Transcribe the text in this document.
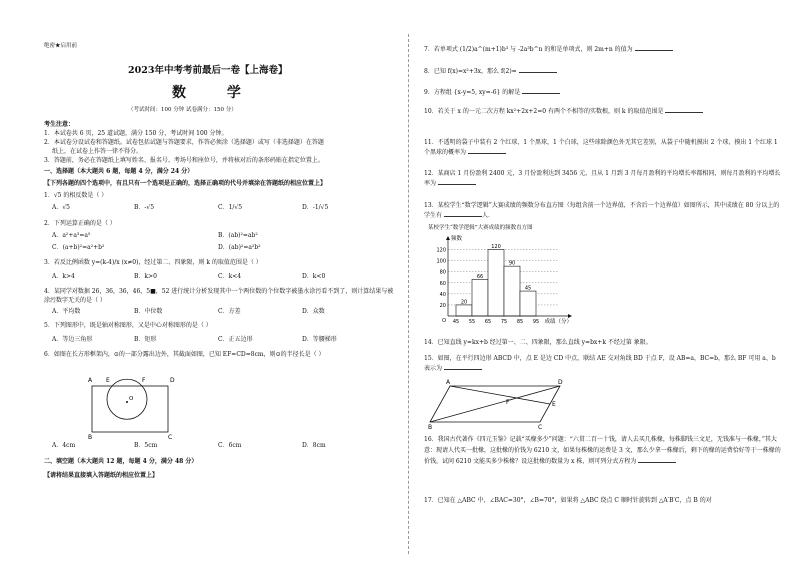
绝密★启用前
2023年中考考前最后一卷【上海卷】
数 学
（考试时间：100 分钟 试卷满分：150 分）
考生注意：
1．本试卷共 6 页，25 道试题，满分 150 分，考试时间 100 分钟。
2．本试卷分设试卷和答题纸。试卷包括试题与答题要求，作答必须涂（选择题）或写（非选择题）在答题
纸上，在试卷上作答一律不得分。
3．答题前，务必在答题纸上填写姓名、报名号、考场号和座位号，并将核对后的条形码贴在指定位置上。
一、选择题（本大题共 6 题，每题 4 分，满分 24 分）
【下列各题的四个选项中，有且只有一个选项是正确的，选择正确项的代号并填涂在答题纸的相应位置上】
1．√5 的相反数是（ ）
A．√5	B．-√5	C．1/√5	D．-1/√5
2．下列运算正确的是（ ）
A．a²+a³=a⁵	B．(ab)²=ab²
C．(a+b)²=a²+b²	D．(ab)²=a²b²
3．若反比例函数 y=(k-4)/x (x≠0)，经过第二、四象限，则 k 的取值范围是（ ）
A．k>4	B．k>0	C．k<4	D．k<0
4．某同学对数据 26，36，36，46，5■，52 进行统计分析发现其中一个两位数的个位数字被墨水涂污看不到了，则计算结果与被涂污数字无关的是（ ）
A．平均数	B．中位数	C．方差	D．众数
5．下列图形中，既是轴对称图形，又是中心对称图形的是（ ）
A．等边三角形	B．矩形	C．正五边形	D．等腰梯形
6．如图在长方形框架内，⊙的一部分露出边外，其截面如图，已知 EF=CD=8cm，则⊙的半径长是（ ）
A	D
B	C
E	F
O
A．4cm	B．5cm	C．6cm	D．8cm
二、填空题（本大题共 12 题，每题 4 分，满分 48 分）
【请将结果直接填入答题纸的相应位置上】
7．若单项式 (1/2)a^(m+1)b³ 与 -2a³b^n 的和是单项式，则 2m+n 的值为
8．已知 f(x)=x²+3x，那么 f(2)=
9．方程组 {x-y=5, xy=-6} 的解是
10．若关于 x 的一元二次方程 kx²+2x+2=0 有两个不相等的实数根，则 k 的取值范围是
11．不透明的袋子中装有 2 个红球、1 个黑球，1 个白球，这些球除颜色外无其它差别，从袋子中随机摸出 2 个球，摸出 1 个红球 1 个黑球的概率为
12．某商店 1 月份盈利 2400 元，3 月份盈利达到 3456 元，且从 1 月到 3 月每月盈利的平均增长率都相同，则每月盈利的平均增长率为
13．某校学生“数学逻辑”大赛成绩的频数分布直方图（每组含前一个边界值，不含后一个边界值）如图所示，其中成绩在 80 分以上的学生有	人．
某校学生“数学逻辑”大赛成绩的频数直方图
20
40
60
80
100
120
20
66
120
90
45
45 55 65 75 85 95
频数
成绩（分）
O
14．已知直线 y=kx+b 经过第一、二、四象限，那么直线 y=bx+k 不经过第 象限。
15．如图，在平行四边形 ABCD 中，点 E 是边 CD 中点，联结 AE 交对角线 BD 于点 F，设 AB=a，BC=b，那么 BF 可用 a、b 表示为
A	D
B	C
E
F
16．我国古代著作《四元玉鉴》记载“买椽多少”问题：“六贯二百一十钱，请人去买几株椽，每株脚钱三文足，无钱准与一株椽，”其大意：现请人代买一批椽，这批椽的价钱为 6210 文，如果每株椽的运费是 3 文，那么少拿一株椽后，剩下的椽的运费恰好等于一株椽的价钱，试问 6210 文能买多少株椽？设这批椽的数量为 x 株，则可列分式方程为
17．已知在 △ABC 中，∠BAC=30°，∠B=70°，如果将 △ABC 绕点 C 顺时针旋转到 △A′B′C，点 B 的对
